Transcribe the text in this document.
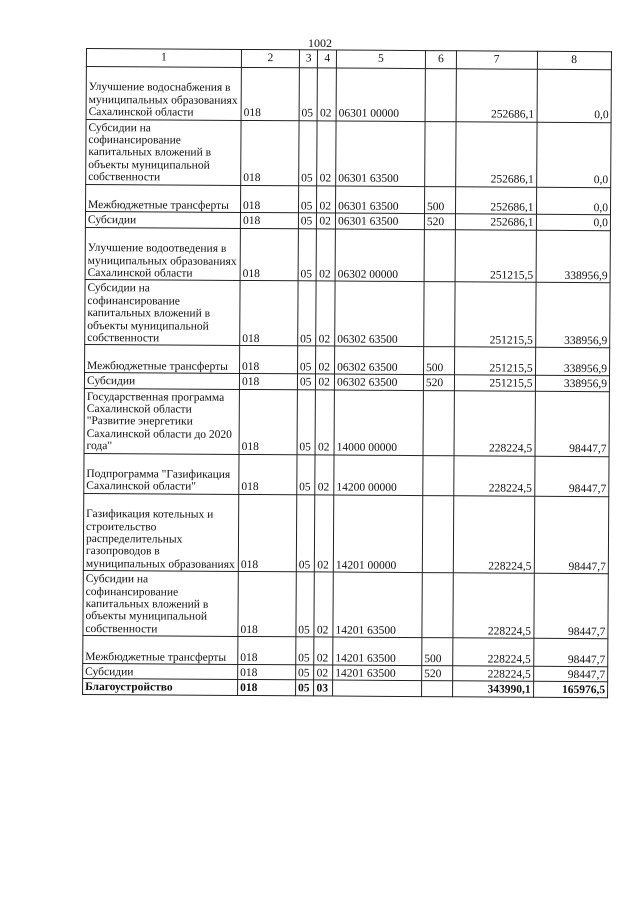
1002
1	2	3	4	5	6	7	8
Улучшение водоснабжения в муниципальных образованиях Сахалинской области	018	05	02	06301 00000		252686,1	0,0
Субсидии на софинансирование капитальных вложений в объекты муниципальной собственности	018	05	02	06301 63500		252686,1	0,0
Межбюджетные трансферты	018	05	02	06301 63500	500	252686,1	0,0
Субсидии	018	05	02	06301 63500	520	252686,1	0,0
Улучшение водоотведения в муниципальных образованиях Сахалинской области	018	05	02	06302 00000		251215,5	338956,9
Субсидии на софинансирование капитальных вложений в объекты муниципальной собственности	018	05	02	06302 63500		251215,5	338956,9
Межбюджетные трансферты	018	05	02	06302 63500	500	251215,5	338956,9
Субсидии	018	05	02	06302 63500	520	251215,5	338956,9
Государственная программа Сахалинской области "Развитие энергетики Сахалинской области до 2020 года"	018	05	02	14000 00000		228224,5	98447,7
Подпрограмма "Газификация Сахалинской области"	018	05	02	14200 00000		228224,5	98447,7
Газификация котельных и строительство распределительных газопроводов в муниципальных образованиях	018	05	02	14201 00000		228224,5	98447,7
Субсидии на софинансирование капитальных вложений в объекты муниципальной собственности	018	05	02	14201 63500		228224,5	98447,7
Межбюджетные трансферты	018	05	02	14201 63500	500	228224,5	98447,7
Субсидии	018	05	02	14201 63500	520	228224,5	98447,7
Благоустройство	018	05	03			343990,1	165976,5
